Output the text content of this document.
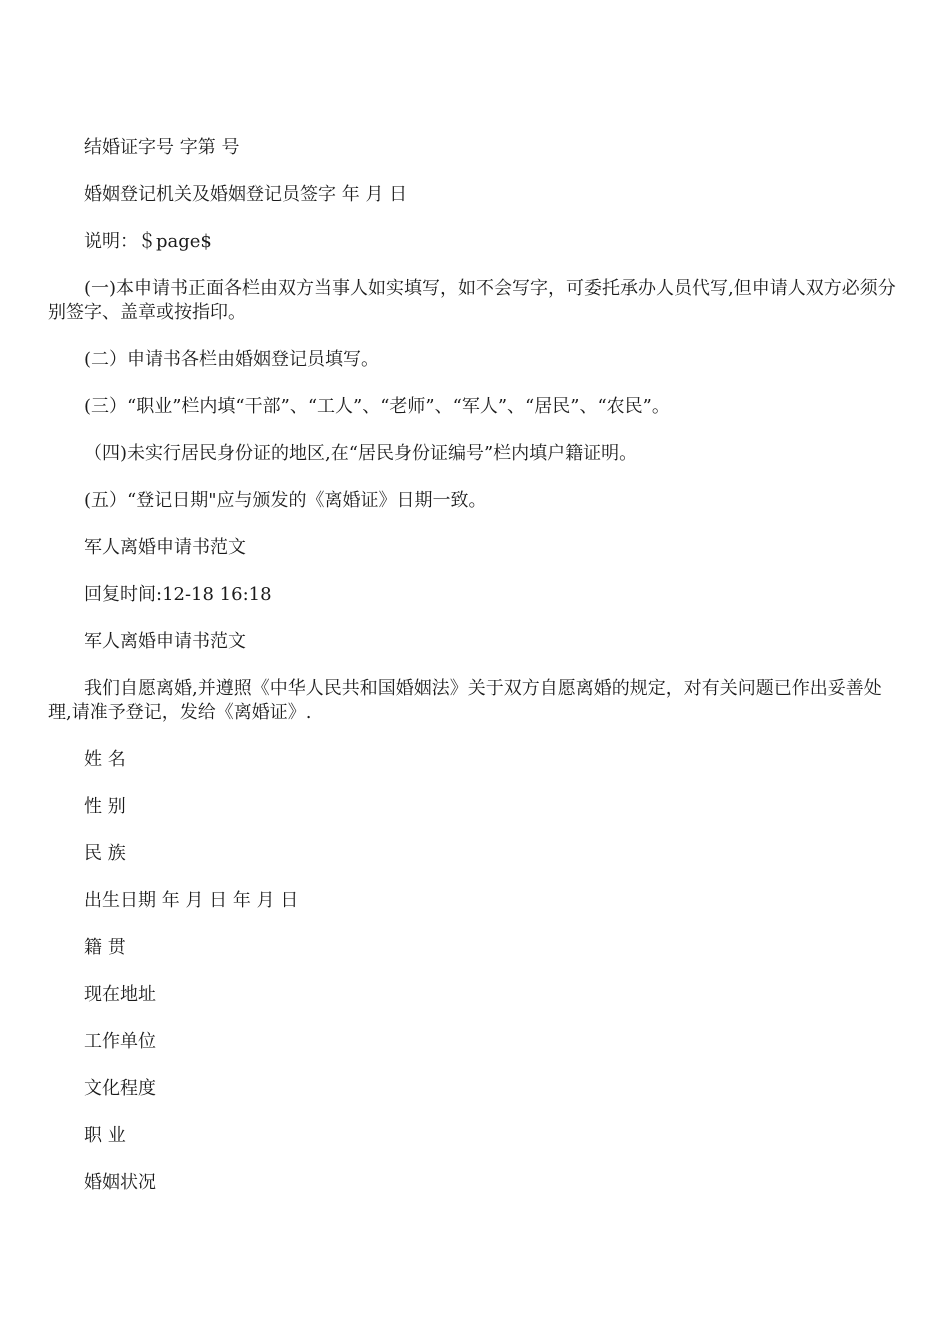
结婚证字号 字第 号

婚姻登记机关及婚姻登记员签字 年 月 日

说明：＄page$

(一)本申请书正面各栏由双方当事人如实填写，如不会写字，可委托承办人员代写,但申请人双方必须分别签字、盖章或按指印。

(二）申请书各栏由婚姻登记员填写。

(三）“职业”栏内填“干部”、“工人”、“老师”、“军人”、“居民”、“农民”。

（四)未实行居民身份证的地区,在“居民身份证编号”栏内填户籍证明。

(五）“登记日期"应与颁发的《离婚证》日期一致。

军人离婚申请书范文

回复时间:12-18 16:18

军人离婚申请书范文

我们自愿离婚,并遵照《中华人民共和国婚姻法》关于双方自愿离婚的规定，对有关问题已作出妥善处理,请准予登记，发给《离婚证》.

姓 名

性 别

民 族

出生日期 年 月 日 年 月 日

籍 贯

现在地址

工作单位

文化程度

职 业

婚姻状况
